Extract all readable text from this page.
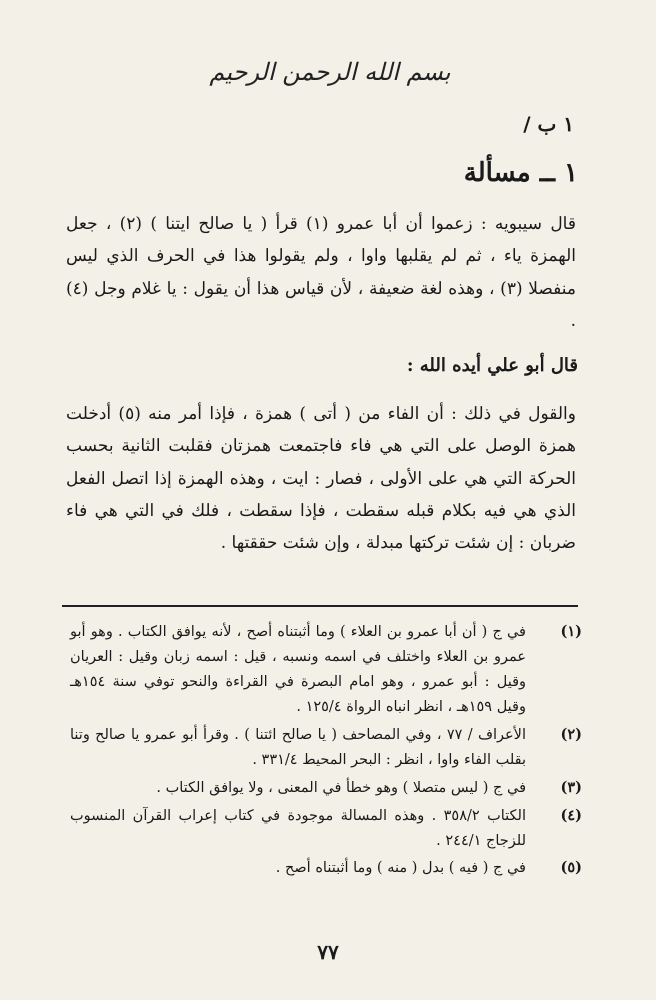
بسم الله الرحمن الرحيم
١ ب /
١ ــ مسألة

قال سيبويه : زعموا أن أبا عمرو (١) قرأ ( يا صالح ايتنا ) (٢) ، جعل الهمزة ياء ، ثم لم يقلبها واوا ، ولم يقولوا هذا في الحرف الذي ليس منفصلا (٣) ، وهذه لغة ضعيفة ، لأن قياس هذا أن يقول : يا غلام وجل (٤) .

قال أبو علي أيده الله :

والقول في ذلك : أن الفاء من ( أتى ) همزة ، فإذا أمر منه (٥) أدخلت همزة الوصل على التي هي فاء فاجتمعت همزتان فقلبت الثانية بحسب الحركة التي هي على الأولى ، فصار : ايت ، وهذه الهمزة إذا اتصل الفعل الذي هي فيه بكلام قبله سقطت ، فإذا سقطت ، فلك في التي هي فاء ضربان : إن شئت تركتها مبدلة ، وإن شئت حققتها .

(١)
في ج ( أن أبا عمرو بن العلاء ) وما أثبتناه أصح ، لأنه يوافق الكتاب . وهو أبو عمرو بن العلاء واختلف في اسمه ونسبه ، قيل : اسمه زبان وقيل : العريان وقيل : أبو عمرو ، وهو امام البصرة في القراءة والنحو توفي سنة ١٥٤هـ وقيل ١٥٩هـ ، انظر انباه الرواة ١٢٥/٤ .
(٢)
الأعراف / ٧٧ ، وفي المصاحف ( يا صالح ائتنا ) . وقرأ أبو عمرو يا صالح وتنا بقلب الفاء واوا ، انظر : البحر المحيط ٣٣١/٤ .
(٣)
في ج ( ليس متصلا ) وهو خطأ في المعنى ، ولا يوافق الكتاب .
(٤)
الكتاب ٣٥٨/٢ . وهذه المسالة موجودة في كتاب إعراب القرآن المنسوب للزجاج ٢٤٤/١ .
(٥)
في ج ( فيه ) بدل ( منه ) وما أثبتناه أصح .
٧٧
